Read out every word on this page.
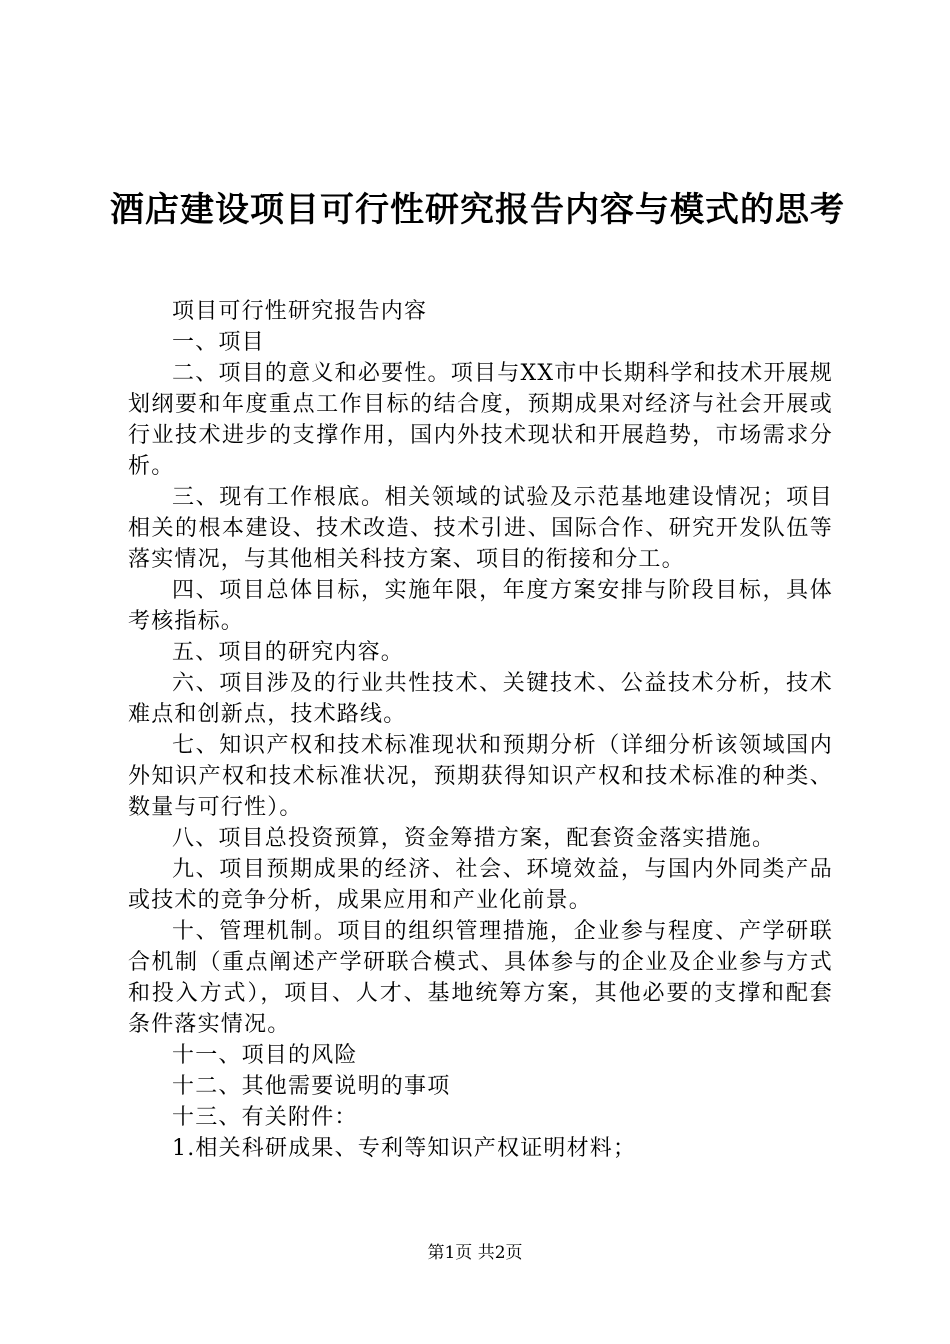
酒店建设项目可行性研究报告内容与模式的思考

项目可行性研究报告内容

一、项目

二、项目的意义和必要性。项目与XX市中长期科学和技术开展规划纲要和年度重点工作目标的结合度，预期成果对经济与社会开展或行业技术进步的支撑作用，国内外技术现状和开展趋势，市场需求分析。

三、现有工作根底。相关领域的试验及示范基地建设情况；项目相关的根本建设、技术改造、技术引进、国际合作、研究开发队伍等落实情况，与其他相关科技方案、项目的衔接和分工。

四、项目总体目标，实施年限，年度方案安排与阶段目标，具体考核指标。

五、项目的研究内容。

六、项目涉及的行业共性技术、关键技术、公益技术分析，技术难点和创新点，技术路线。

七、知识产权和技术标准现状和预期分析（详细分析该领域国内外知识产权和技术标准状况，预期获得知识产权和技术标准的种类、数量与可行性）。

八、项目总投资预算，资金筹措方案，配套资金落实措施。

九、项目预期成果的经济、社会、环境效益，与国内外同类产品或技术的竞争分析，成果应用和产业化前景。

十、管理机制。项目的组织管理措施，企业参与程度、产学研联合机制（重点阐述产学研联合模式、具体参与的企业及企业参与方式和投入方式），项目、人才、基地统筹方案，其他必要的支撑和配套条件落实情况。

十一、项目的风险

十二、其他需要说明的事项

十三、有关附件：

1.相关科研成果、专利等知识产权证明材料；

第1页 共2页
